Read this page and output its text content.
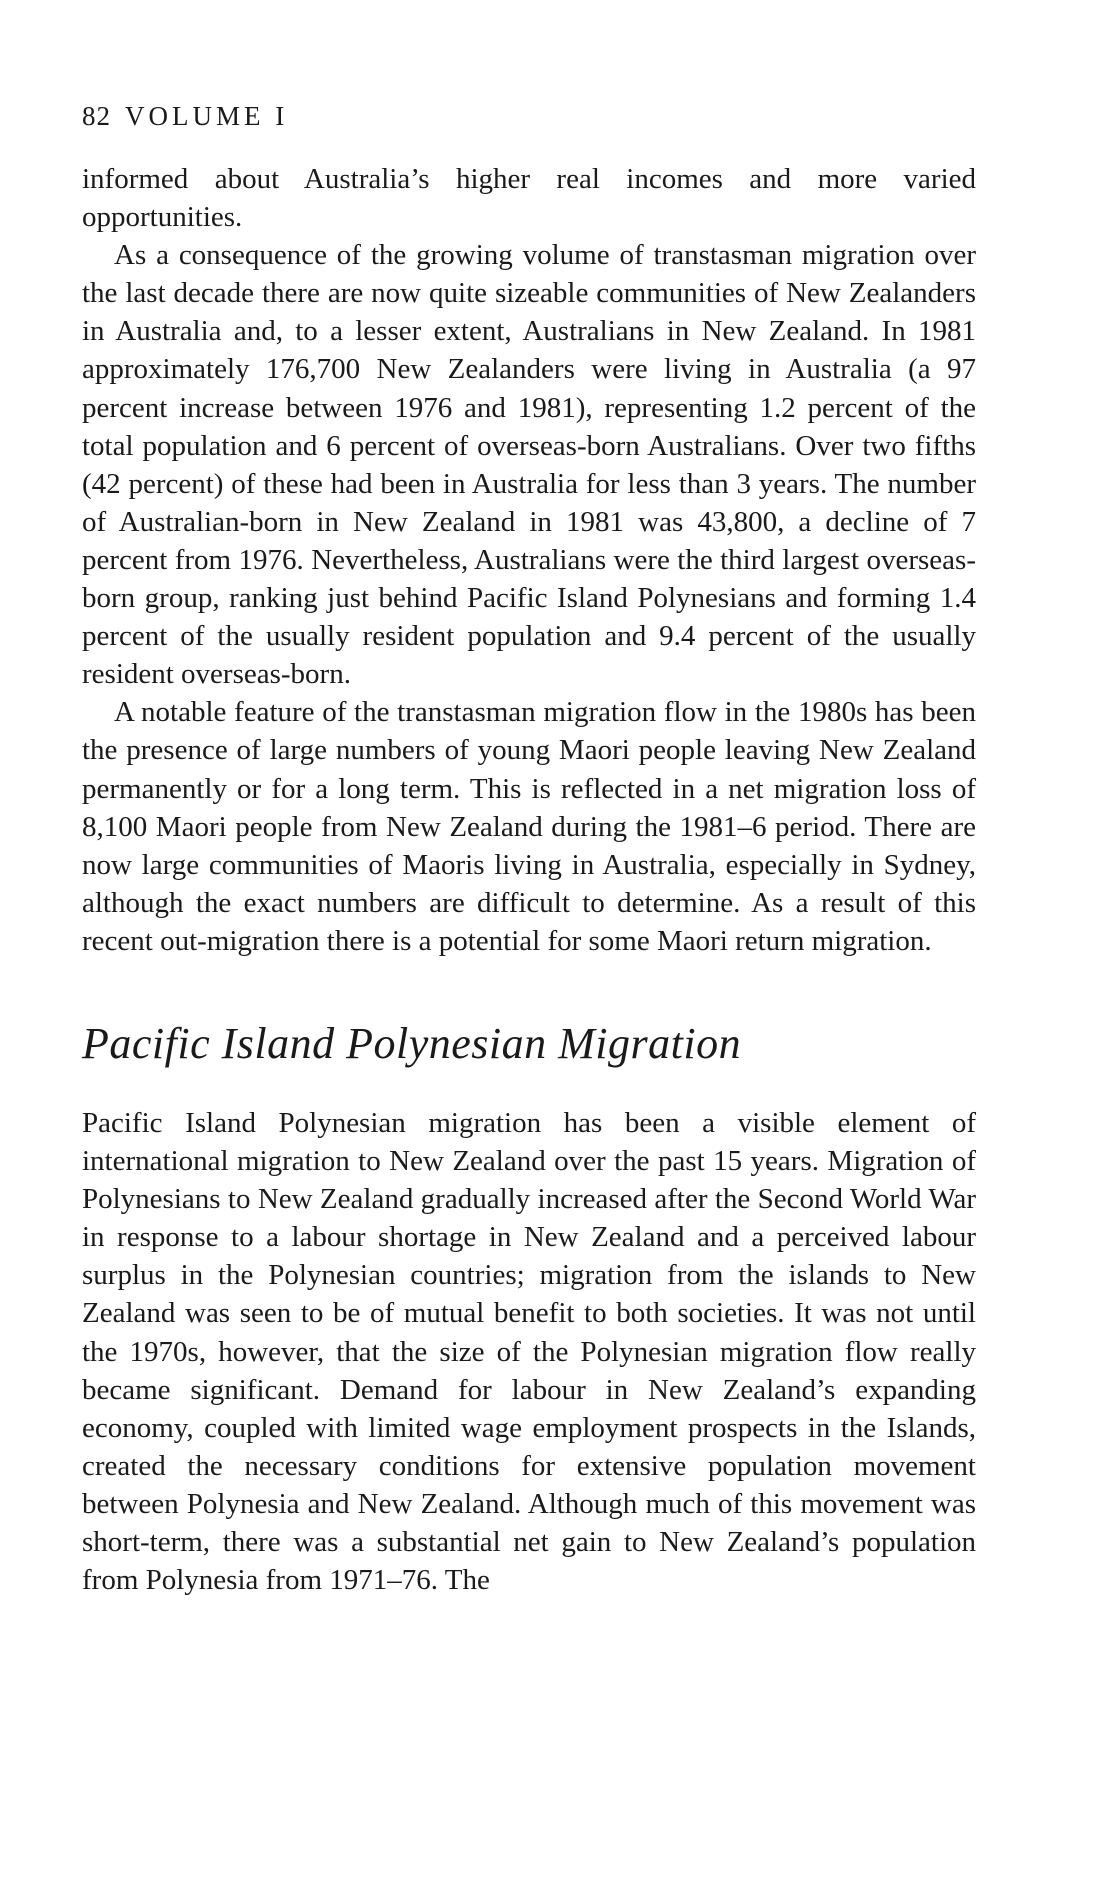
82 VOLUME I

informed about Australia’s higher real incomes and more varied opportunities.

As a consequence of the growing volume of transtasman migration over the last decade there are now quite sizeable communities of New Zealanders in Australia and, to a lesser extent, Australians in New Zealand. In 1981 approximately 176,700 New Zealanders were living in Australia (a 97 percent increase between 1976 and 1981), representing 1.2 percent of the total population and 6 percent of overseas-born Australians. Over two fifths (42 percent) of these had been in Australia for less than 3 years. The number of Australian-born in New Zealand in 1981 was 43,800, a decline of 7 percent from 1976. Nevertheless, Australians were the third largest overseas-born group, ranking just behind Pacific Island Polynesians and forming 1.4 percent of the usually resident population and 9.4 percent of the usually resident overseas-born.

A notable feature of the transtasman migration flow in the 1980s has been the presence of large numbers of young Maori people leaving New Zealand permanently or for a long term. This is reflected in a net migration loss of 8,100 Maori people from New Zealand during the 1981–6 period. There are now large communities of Maoris living in Australia, especially in Sydney, although the exact numbers are difficult to determine. As a result of this recent out-migration there is a potential for some Maori return migration.

Pacific Island Polynesian Migration

Pacific Island Polynesian migration has been a visible element of international migration to New Zealand over the past 15 years. Migration of Polynesians to New Zealand gradually increased after the Second World War in response to a labour shortage in New Zealand and a perceived labour surplus in the Polynesian countries; migration from the islands to New Zealand was seen to be of mutual benefit to both societies. It was not until the 1970s, however, that the size of the Polynesian migration flow really became significant. Demand for labour in New Zealand’s expanding economy, coupled with limited wage employment prospects in the Islands, created the necessary conditions for extensive population movement between Polynesia and New Zealand. Although much of this movement was short-term, there was a substantial net gain to New Zealand’s population from Polynesia from 1971–76. The
